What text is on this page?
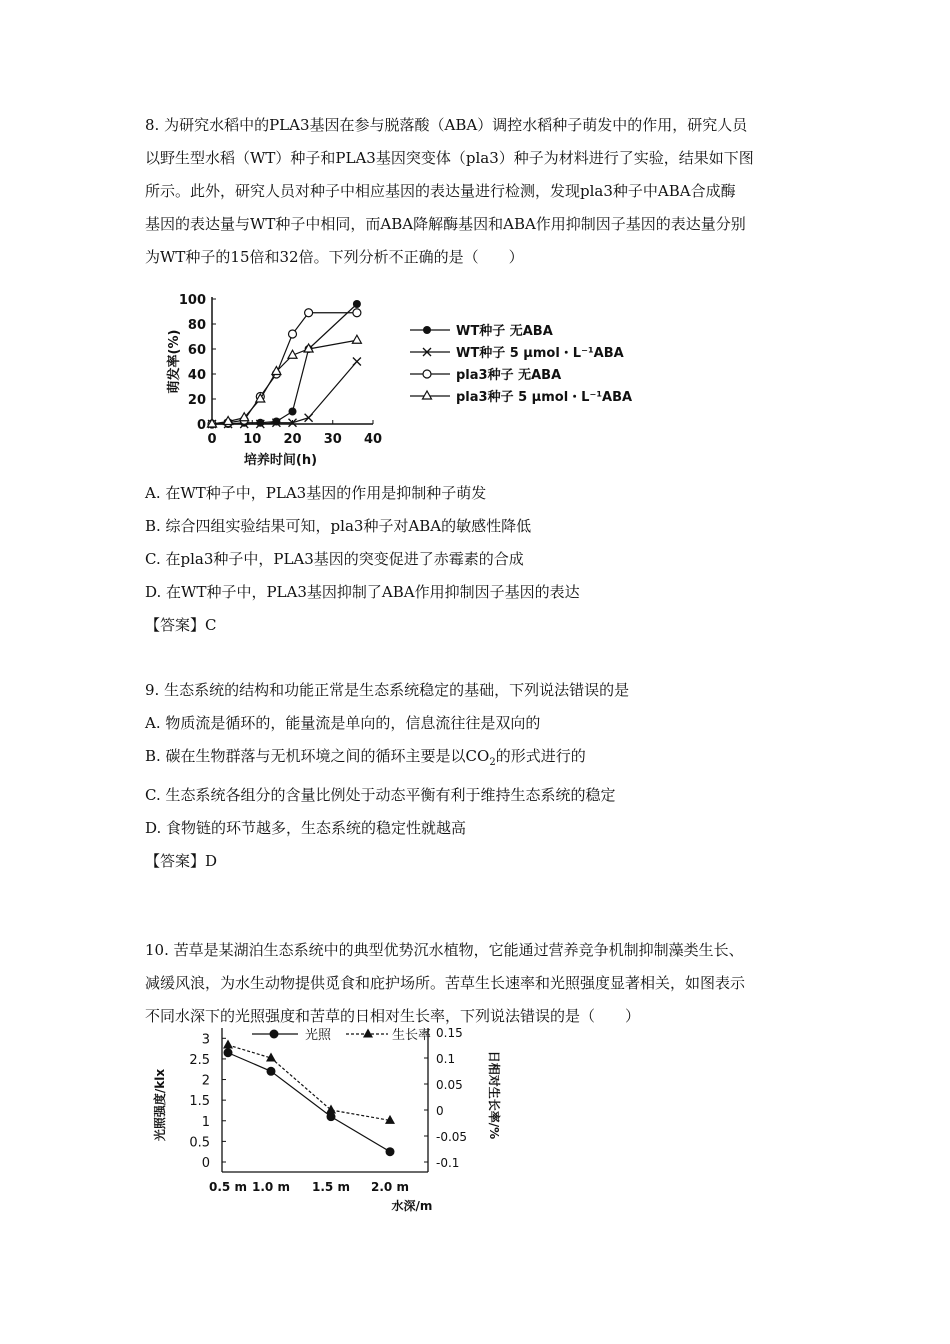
8. 为研究水稻中的PLA3基因在参与脱落酸（ABA）调控水稻种子萌发中的作用，研究人员

以野生型水稻（WT）种子和PLA3基因突变体（pla3）种子为材料进行了实验，结果如下图

所示。此外，研究人员对种子中相应基因的表达量进行检测，发现pla3种子中ABA合成酶

基因的表达量与WT种子中相同，而ABA降解酶基因和ABA作用抑制因子基因的表达量分别

为WT种子的15倍和32倍。下列分析不正确的是（　　）

0
20
40
60
80
100
0 10 20 30 40
培养时间(h)
萌发率(%)	WT种子 无ABA
WT种子 5 μmol・L⁻¹ABA
pla3种子 无ABA
pla3种子 5 μmol・L⁻¹ABA

A. 在WT种子中，PLA3基因的作用是抑制种子萌发

B. 综合四组实验结果可知，pla3种子对ABA的敏感性降低

C. 在pla3种子中，PLA3基因的突变促进了赤霉素的合成

D. 在WT种子中，PLA3基因抑制了ABA作用抑制因子基因的表达

【答案】C

9. 生态系统的结构和功能正常是生态系统稳定的基础，下列说法错误的是

A. 物质流是循环的，能量流是单向的，信息流往往是双向的

B. 碳在生物群落与无机环境之间的循环主要是以$CO_2$的形式进行的

C. 生态系统各组分的含量比例处于动态平衡有利于维持生态系统的稳定

D. 食物链的环节越多，生态系统的稳定性就越高

【答案】D

10. 苦草是某湖泊生态系统中的典型优势沉水植物，它能通过营养竞争机制抑制藻类生长、

减缓风浪，为水生动物提供觅食和庇护场所。苦草生长速率和光照强度显著相关，如图表示

不同水深下的光照强度和苦草的日相对生长率，下列说法错误的是（　　）

0
0.5
1
1.5
2
2.5
3
-0.1
-0.05
0
0.05
0.1
0.15
0.5 m 1.0 m 1.5 m 2.0 m
水深/m
光照强度/klx	日相对生长率/%
光照	生长率
